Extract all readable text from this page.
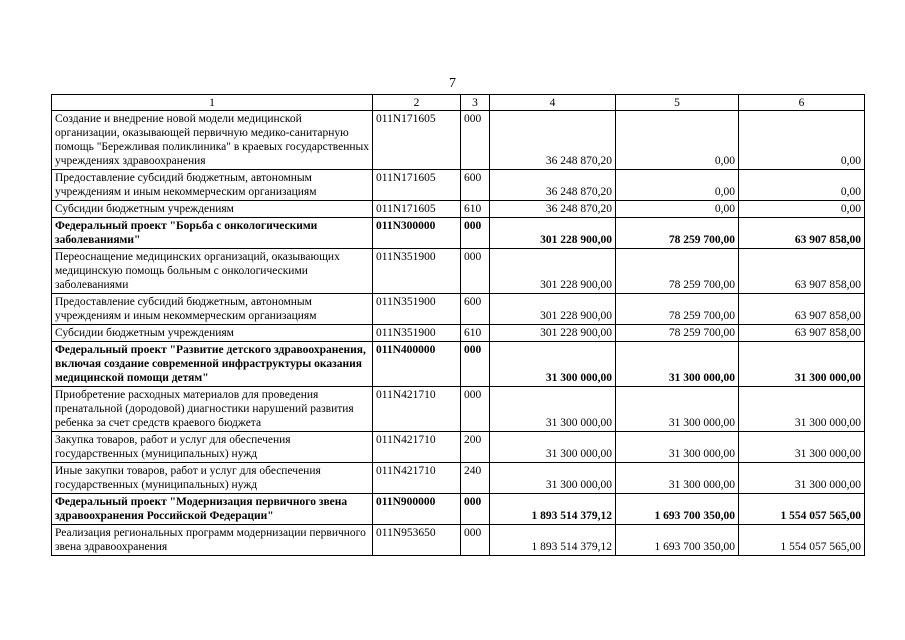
7
1	2	3	4	5	6
Создание и внедрение новой модели медицинской организации, оказывающей первичную медико-санитарную помощь "Бережливая поликлиника" в краевых государственных учреждениях здравоохранения	011N171605	000	36 248 870,20	0,00	0,00
Предоставление субсидий бюджетным, автономным учреждениям и иным некоммерческим организациям	011N171605	600	36 248 870,20	0,00	0,00
Субсидии бюджетным учреждениям	011N171605	610	36 248 870,20	0,00	0,00
Федеральный проект "Борьба с онкологическими заболеваниями"	011N300000	000	301 228 900,00	78 259 700,00	63 907 858,00
Переоснащение медицинских организаций, оказывающих медицинскую помощь больным с онкологическими заболеваниями	011N351900	000	301 228 900,00	78 259 700,00	63 907 858,00
Предоставление субсидий бюджетным, автономным учреждениям и иным некоммерческим организациям	011N351900	600	301 228 900,00	78 259 700,00	63 907 858,00
Субсидии бюджетным учреждениям	011N351900	610	301 228 900,00	78 259 700,00	63 907 858,00
Федеральный проект "Развитие детского здравоохранения, включая создание современной инфраструктуры оказания медицинской помощи детям"	011N400000	000	31 300 000,00	31 300 000,00	31 300 000,00
Приобретение расходных материалов для проведения пренатальной (дородовой) диагностики нарушений развития ребенка за счет средств краевого бюджета	011N421710	000	31 300 000,00	31 300 000,00	31 300 000,00
Закупка товаров, работ и услуг для обеспечения государственных (муниципальных) нужд	011N421710	200	31 300 000,00	31 300 000,00	31 300 000,00
Иные закупки товаров, работ и услуг для обеспечения государственных (муниципальных) нужд	011N421710	240	31 300 000,00	31 300 000,00	31 300 000,00
Федеральный проект "Модернизация первичного звена здравоохранения Российской Федерации"	011N900000	000	1 893 514 379,12	1 693 700 350,00	1 554 057 565,00
Реализация региональных программ модернизации первичного звена здравоохранения	011N953650	000	1 893 514 379,12	1 693 700 350,00	1 554 057 565,00
